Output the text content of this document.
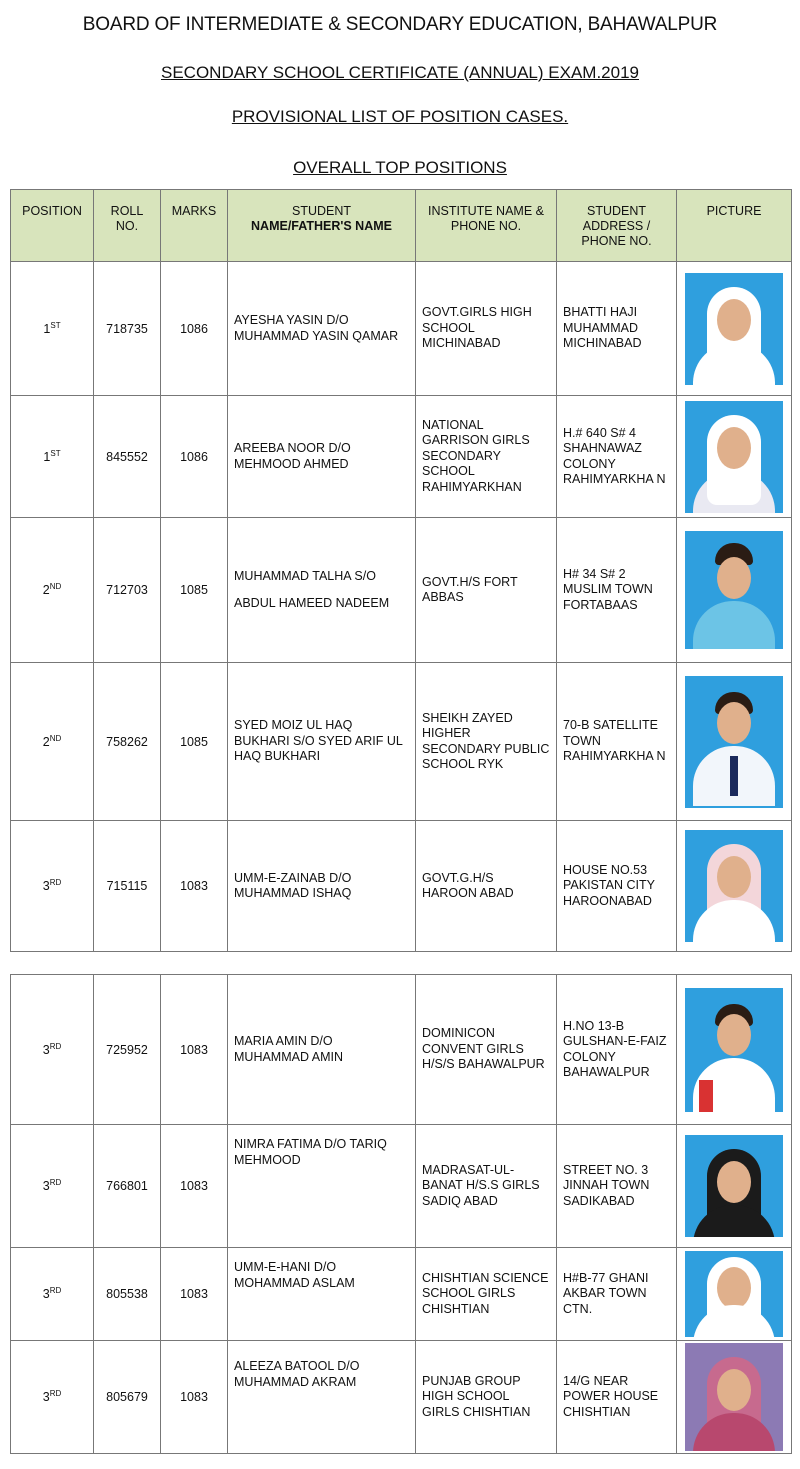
BOARD OF INTERMEDIATE & SECONDARY EDUCATION, BAHAWALPUR
SECONDARY SCHOOL CERTIFICATE (ANNUAL) EXAM.2019
PROVISIONAL LIST OF POSITION CASES.
OVERALL TOP POSITIONS
POSITION	ROLL NO.	MARKS	STUDENT
NAME/FATHER'S NAME	INSTITUTE NAME & PHONE NO.	STUDENT ADDRESS / PHONE NO.	PICTURE
1ST	718735	1086	AYESHA YASIN D/O MUHAMMAD YASIN QAMAR	GOVT.GIRLS HIGH SCHOOL MICHINABAD	BHATTI HAJI MUHAMMAD MICHINABAD	

1ST	845552	1086	AREEBA NOOR D/O MEHMOOD AHMED	NATIONAL GARRISON GIRLS SECONDARY SCHOOL RAHIMYARKHAN	H.# 640 S# 4 SHAHNAWAZ COLONY RAHIMYARKHA N	

2ND	712703	1085	MUHAMMAD TALHA S/O
ABDUL HAMEED NADEEM	GOVT.H/S FORT ABBAS	H# 34 S# 2 MUSLIM TOWN FORTABAAS	

2ND	758262	1085	SYED MOIZ UL HAQ BUKHARI S/O SYED ARIF UL HAQ BUKHARI	SHEIKH ZAYED HIGHER SECONDARY PUBLIC SCHOOL RYK	70-B SATELLITE TOWN RAHIMYARKHA N	

3RD	715115	1083	UMM-E-ZAINAB D/O MUHAMMAD ISHAQ	GOVT.G.H/S HAROON ABAD	HOUSE NO.53 PAKISTAN CITY HAROONABAD	
3RD	725952	1083	MARIA AMIN D/O MUHAMMAD AMIN	DOMINICON CONVENT GIRLS H/S/S BAHAWALPUR	H.NO 13-B GULSHAN-E-FAIZ COLONY BAHAWALPUR	

3RD	766801	1083	NIMRA FATIMA D/O TARIQ MEHMOOD	MADRASAT-UL-BANAT H/S.S GIRLS SADIQ ABAD	STREET NO. 3 JINNAH TOWN SADIKABAD	

3RD	805538	1083	UMM-E-HANI D/O MOHAMMAD ASLAM	CHISHTIAN SCIENCE SCHOOL GIRLS CHISHTIAN	H#B-77 GHANI AKBAR TOWN CTN.	

3RD	805679	1083	ALEEZA BATOOL D/O MUHAMMAD AKRAM	PUNJAB GROUP HIGH SCHOOL GIRLS CHISHTIAN	14/G NEAR POWER HOUSE CHISHTIAN	
